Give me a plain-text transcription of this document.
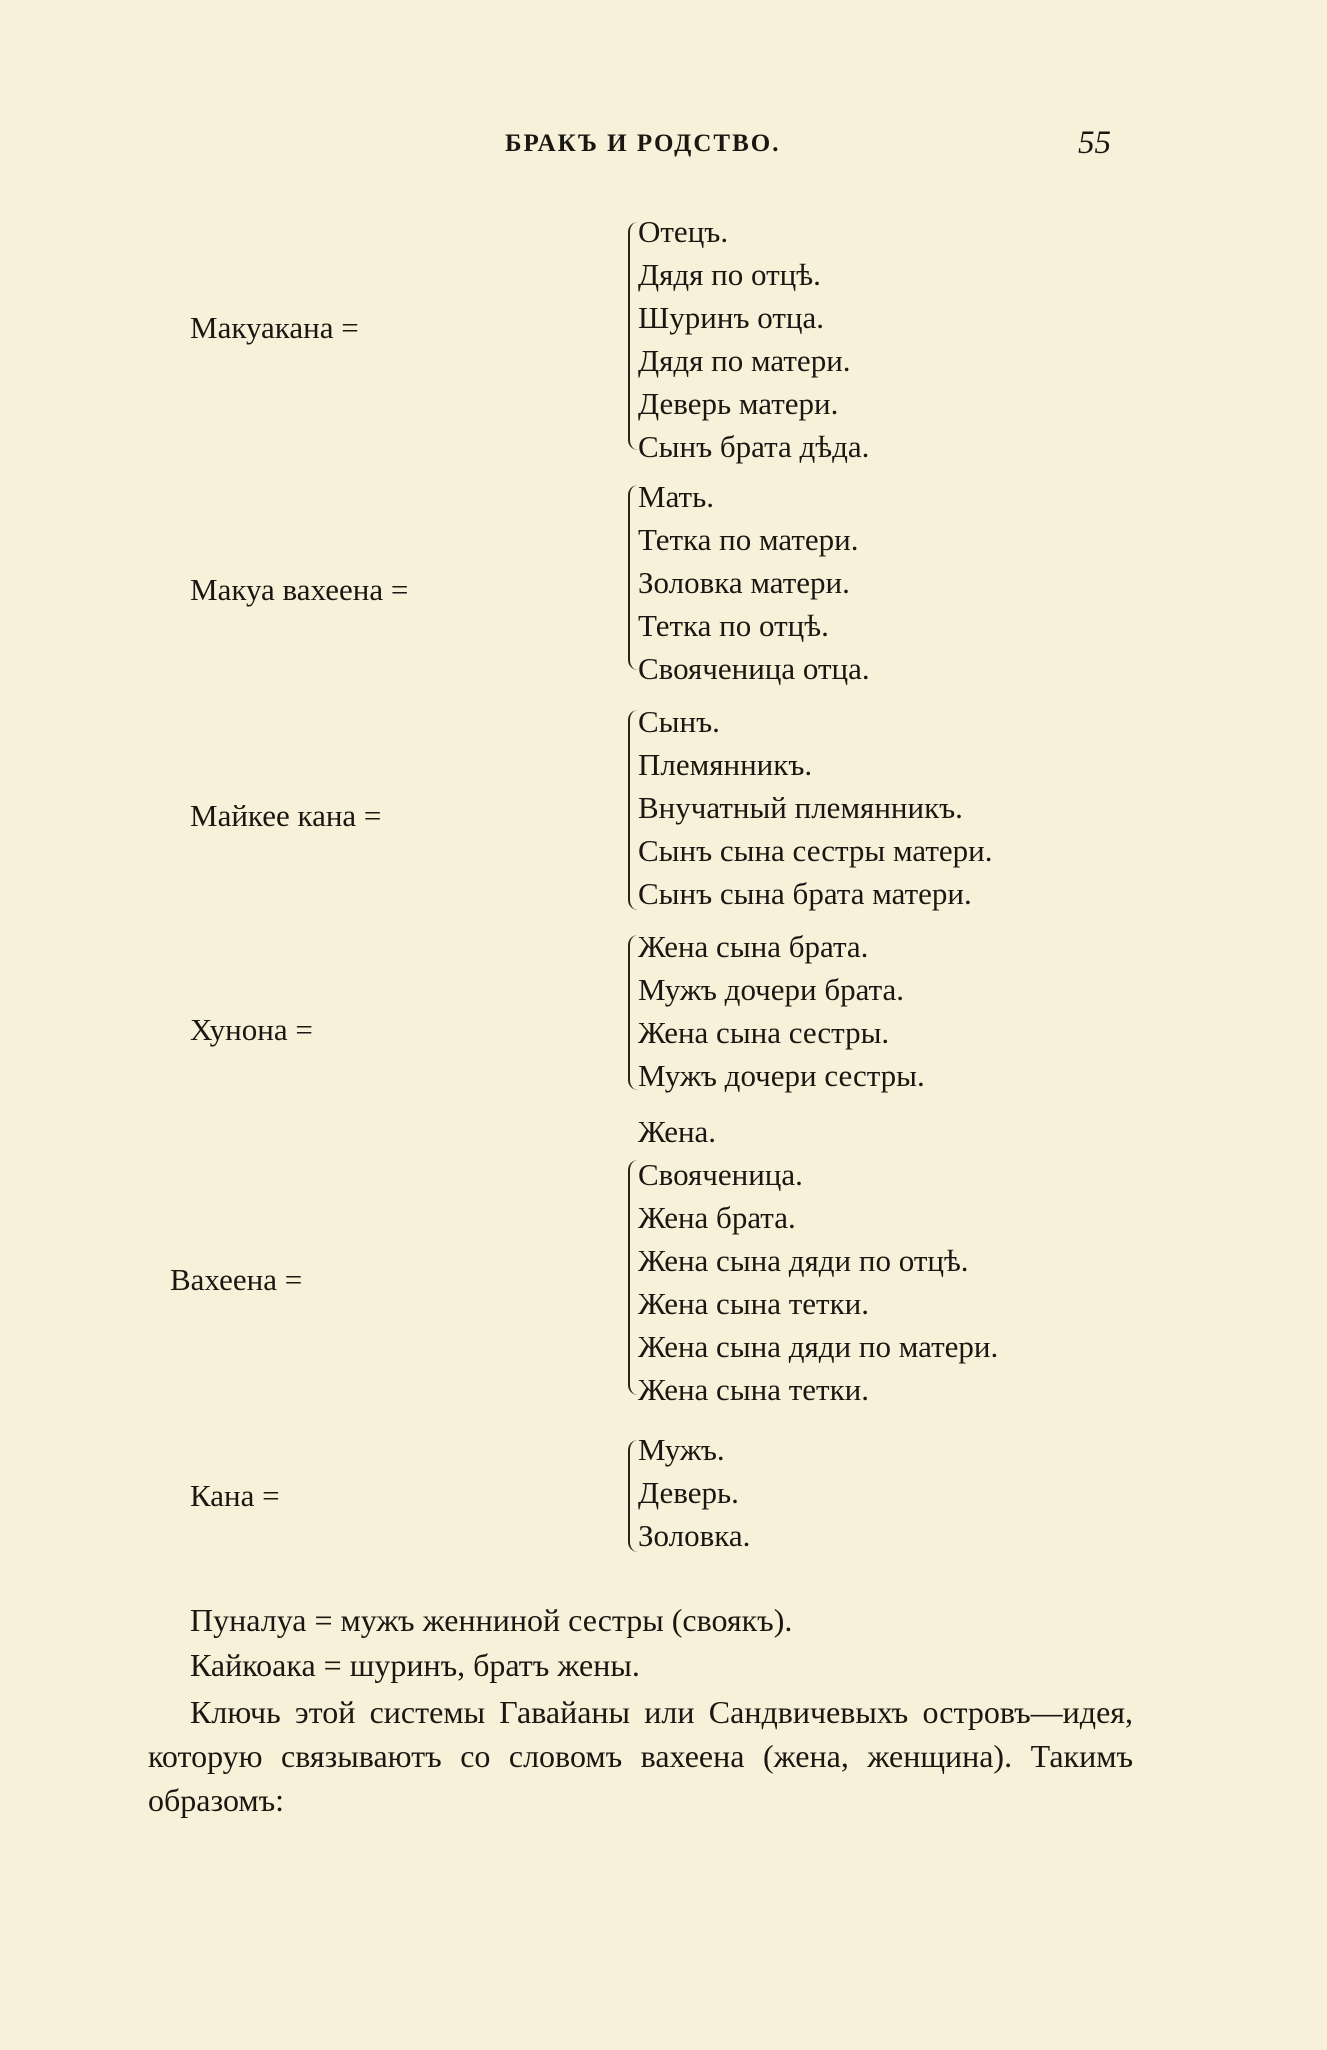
БРАКЪ И РОДСТВО.	55
Макуакана =
Отецъ.
Дядя по отцѣ.
Шуринъ отца.
Дядя по матери.
Деверь матери.
Сынъ брата дѣда.
Макуа вахеена =
Мать.
Тетка по матери.
Золовка матери.
Тетка по отцѣ.
Свояченица отца.
Майкее кана =
Сынъ.
Племянникъ.
Внучатный племянникъ.
Сынъ сына сестры матери.
Сынъ сына брата матери.
Хунона =
Жена сына брата.
Мужъ дочери брата.
Жена сына сестры.
Мужъ дочери сестры.
Вахеена =
Жена.
Свояченица.
Жена брата.
Жена сына дяди по отцѣ.
Жена сына тетки.
Жена сына дяди по матери.
Жена сына тетки.
Кана =
Мужъ.
Деверь.
Золовка.
Пуналуа = мужъ женниной сестры (своякъ).
Кайкоака = шуринъ, братъ жены.
Ключь этой системы Гавайаны или Сандвичевыхъ островъ—идея, которую связываютъ со словомъ вахеена (жена, женщина). Такимъ образомъ:
